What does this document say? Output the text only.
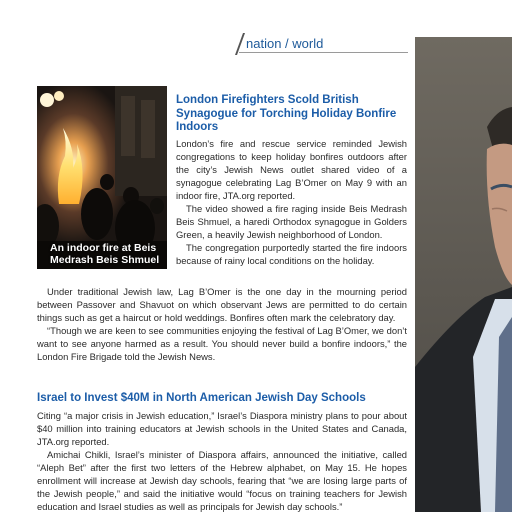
nation / world
An indoor fire at Beis
Medrash Beis Shmuel
London Firefighters Scold British Synagogue for Torching Holiday Bonfire Indoors

London’s fire and rescue service reminded Jewish congregations to keep holiday bonfires outdoors after the city’s Jewish News outlet shared video of a synagogue celebrating Lag B’Omer on May 9 with an indoor fire, JTA.org reported.

The video showed a fire raging inside Beis Medrash Beis Shmuel, a haredi Orthodox synagogue in Golders Green, a heavily Jewish neighborhood of London.

The congregation purportedly started the fire indoors because of rainy local conditions on the holiday.

Under traditional Jewish law, Lag B’Omer is the one day in the mourning period between Passover and Shavuot on which observant Jews are permitted to do certain things such as get a haircut or hold weddings. Bonfires often mark the celebratory day.

“Though we are keen to see communities enjoying the festival of Lag B’Omer, we don’t want to see anyone harmed as a result. You should never build a bonfire indoors,” the London Fire Brigade told the Jewish News.

Israel to Invest $40M in North American Jewish Day Schools

Citing “a major crisis in Jewish education,” Israel’s Diaspora ministry plans to pour about $40 million into training educators at Jewish schools in the United States and Canada, JTA.org reported.

Amichai Chikli, Israel’s minister of Diaspora affairs, announced the initiative, called “Aleph Bet” after the first two letters of the Hebrew alphabet, on May 15. He hopes enrollment will increase at Jewish day schools, fearing that “we are losing large parts of the Jewish people,” and said the initiative would “focus on training teachers for Jewish education and Israel studies as well as principals for Jewish day schools.”
